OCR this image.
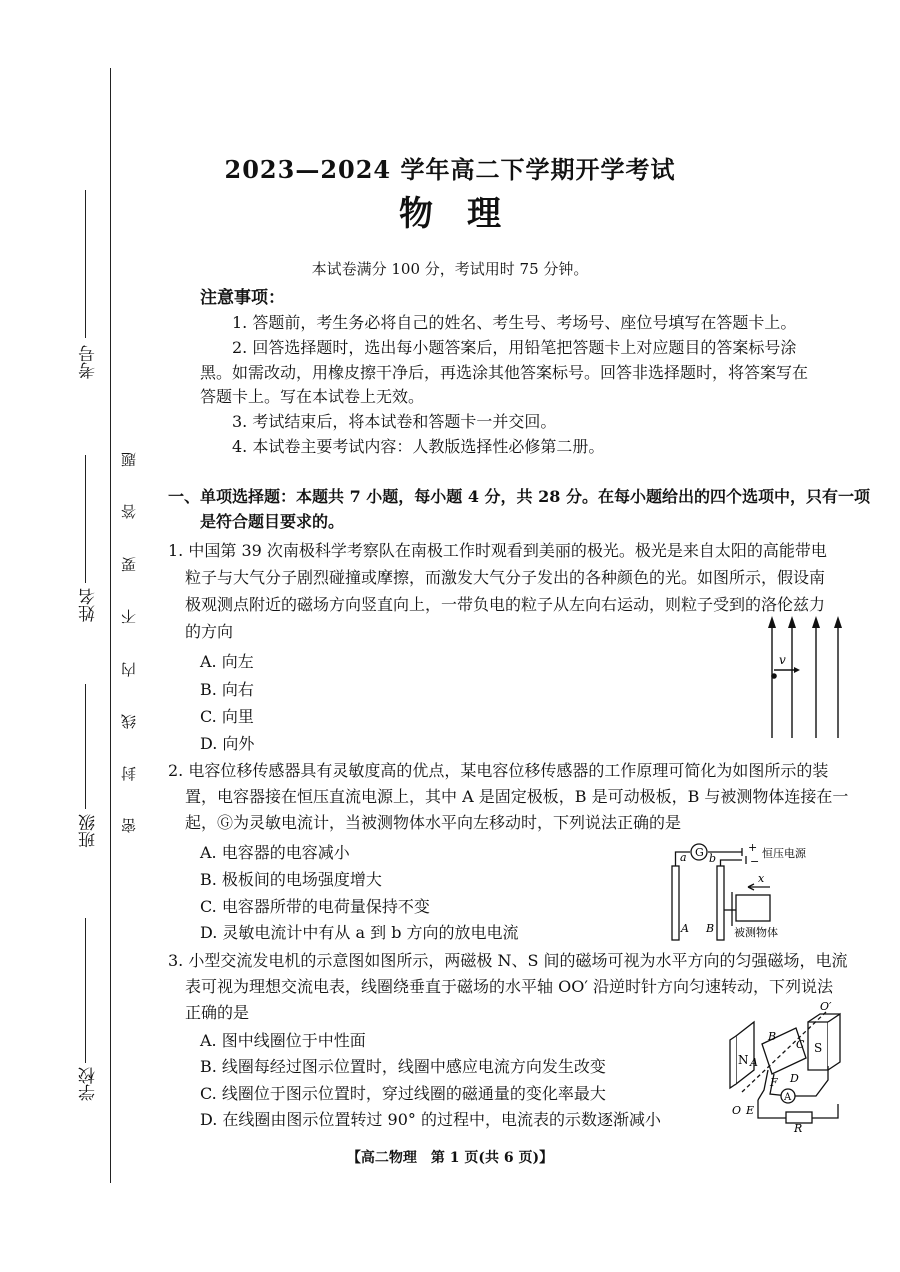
考号
姓名
班级
学校
题
答
要
不
内
线
封
密
2023—2024 学年高二下学期开学考试
物理
本试卷满分 100 分，考试用时 75 分钟。
注意事项：
1. 答题前，考生务必将自己的姓名、考生号、考场号、座位号填写在答题卡上。
2. 回答选择题时，选出每小题答案后，用铅笔把答题卡上对应题目的答案标号涂
黑。如需改动，用橡皮擦干净后，再选涂其他答案标号。回答非选择题时，将答案写在
答题卡上。写在本试卷上无效。
3. 考试结束后，将本试卷和答题卡一并交回。
4. 本试卷主要考试内容：人教版选择性必修第二册。
一、单项选择题：本题共 7 小题，每小题 4 分，共 28 分。在每小题给出的四个选项中，只有一项
是符合题目要求的。
1. 中国第 39 次南极科学考察队在南极工作时观看到美丽的极光。极光是来自太阳的高能带电
粒子与大气分子剧烈碰撞或摩擦，而激发大气分子发出的各种颜色的光。如图所示，假设南
极观测点附近的磁场方向竖直向上，一带负电的粒子从左向右运动，则粒子受到的洛伦兹力
的方向
A. 向左
B. 向右
C. 向里
D. 向外
v
2. 电容位移传感器具有灵敏度高的优点，某电容位移传感器的工作原理可简化为如图所示的装
置，电容器接在恒压直流电源上，其中 A 是固定极板，B 是可动极板，B 与被测物体连接在一
起，Ⓖ为灵敏电流计，当被测物体水平向左移动时，下列说法正确的是
A. 电容器的电容减小
B. 极板间的电场强度增大
C. 电容器所带的电荷量保持不变
D. 灵敏电流计中有从 a 到 b 方向的放电电流
G
a b
+
−
恒压电源
x
A B 被测物体
3. 小型交流发电机的示意图如图所示，两磁极 N、S 间的磁场可视为水平方向的匀强磁场，电流
表可视为理想交流电表，线圈绕垂直于磁场的水平轴 OO′ 沿逆时针方向匀速转动，下列说法
正确的是
A. 图中线圈位于中性面
B. 线圈每经过图示位置时，线圈中感应电流方向发生改变
C. 线圈位于图示位置时，穿过线圈的磁通量的变化率最大
D. 在线圈由图示位置转过 90° 的过程中，电流表的示数逐渐减小
A
N
S
A
B
C
D
E
F
O
O′
R
【高二物理　第 1 页(共 6 页)】
